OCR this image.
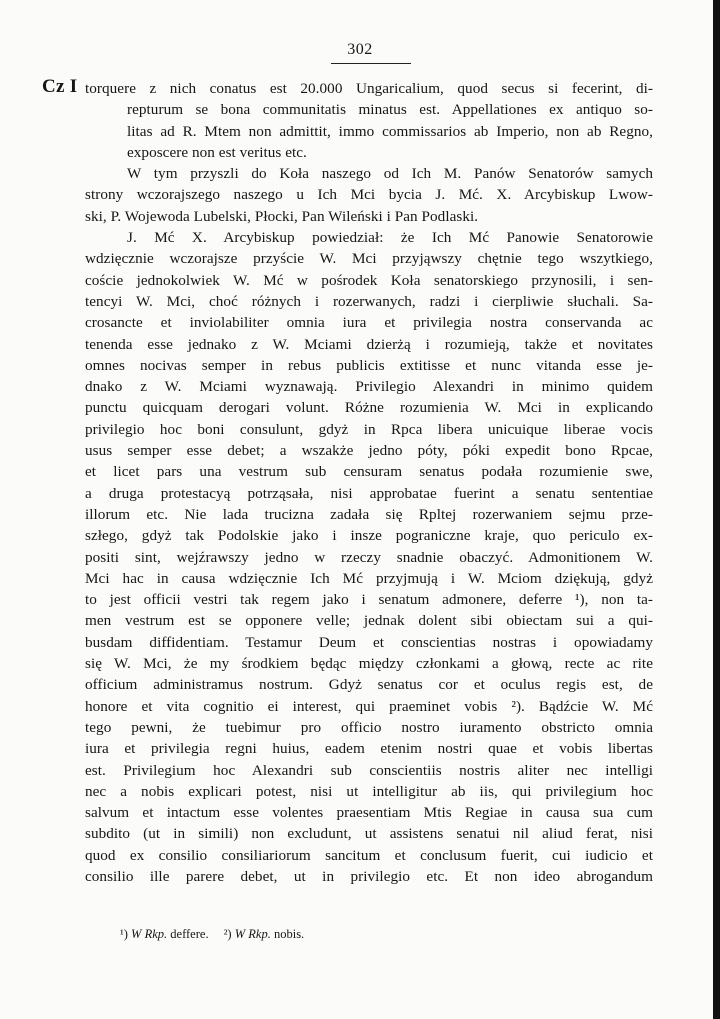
302
Cz I torquere z nich conatus est 20.000 Ungaricalium, quod secus si fecerint, di-
repturum se bona communitatis minatus est. Appellationes ex antiquo so-
litas ad R. Mtem non admittit, immo commissarios ab Imperio, non ab Regno,
exposcere non est veritus etc.
W tym przyszli do Koła naszego od Ich M. Panów Senatorów samych
strony wczorajszego naszego u Ich Mci bycia J. Mć. X. Arcybiskup Lwow-
ski, P. Wojewoda Lubelski, Płocki, Pan Wileński i Pan Podlaski.
J. Mć X. Arcybiskup powiedział: że Ich Mć Panowie Senatorowie
wdzięcznie wczorajsze przyście W. Mci przyjąwszy chętnie tego wszytkiego,
coście jednokolwiek W. Mć w pośrodek Koła senatorskiego przynosili, i sen-
tencyi W. Mci, choć różnych i rozerwanych, radzi i cierpliwie słuchali. Sa-
crosancte et inviolabiliter omnia iura et privilegia nostra conservanda ac
tenenda esse jednako z W. Mciami dzierżą i rozumieją, także et novitates
omnes nocivas semper in rebus publicis extitisse et nunc vitanda esse je-
dnako z W. Mciami wyznawają. Privilegio Alexandri in minimo quidem
punctu quicquam derogari volunt. Różne rozumienia W. Mci in explicando
privilegio hoc boni consulunt, gdyż in Rpca libera unicuique liberae vocis
usus semper esse debet; a wszakże jedno póty, póki expedit bono Rpcae,
et licet pars una vestrum sub censuram senatus podała rozumienie swe,
a druga protestacyą potrząsała, nisi approbatae fuerint a senatu sententiae
illorum etc. Nie lada trucizna zadała się Rpltej rozerwaniem sejmu prze-
szłego, gdyż tak Podolskie jako i insze pograniczne kraje, quo periculo ex-
positi sint, wejźrawszy jedno w rzeczy snadnie obaczyć. Admonitionem W.
Mci hac in causa wdzięcznie Ich Mć przyjmują i W. Mciom dziękują, gdyż
to jest officii vestri tak regem jako i senatum admonere, deferre ¹), non ta-
men vestrum est se opponere velle; jednak dolent sibi obiectam sui a qui-
busdam diffidentiam. Testamur Deum et conscientias nostras i opowiadamy
się W. Mci, że my środkiem będąc między członkami a głową, recte ac rite
officium administramus nostrum. Gdyż senatus cor et oculus regis est, de
honore et vita cognitio ei interest, qui praeminet vobis ²). Bądźcie W. Mć
tego pewni, że tuebimur pro officio nostro iuramento obstricto omnia
iura et privilegia regni huius, eadem etenim nostri quae et vobis libertas
est. Privilegium hoc Alexandri sub conscientiis nostris aliter nec intelligi
nec a nobis explicari potest, nisi ut intelligitur ab iis, qui privilegium hoc
salvum et intactum esse volentes praesentiam Mtis Regiae in causa sua cum
subdito (ut in simili) non excludunt, ut assistens senatui nil aliud ferat, nisi
quod ex consilio consiliariorum sancitum et conclusum fuerit, cui iudicio et
consilio ille parere debet, ut in privilegio etc. Et non ideo abrogandum
¹) W Rkp. deffere. ²) W Rkp. nobis.
